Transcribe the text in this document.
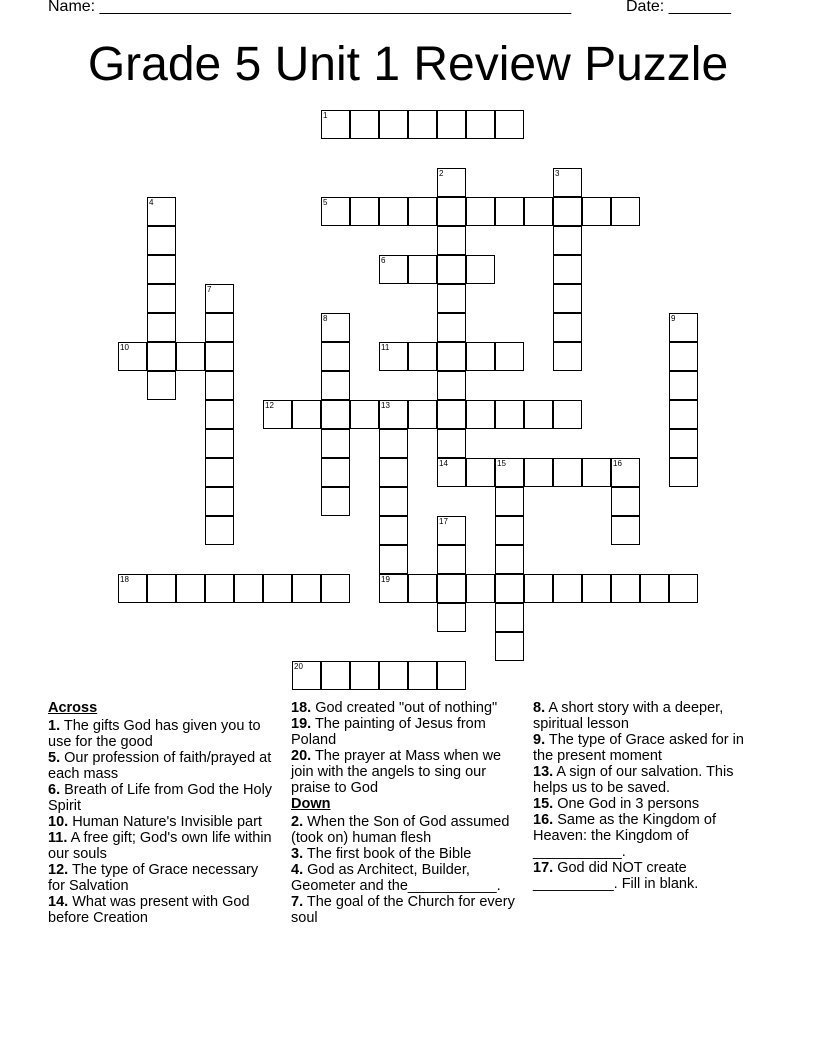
Name: _____________________________________________________	Date: _______
Grade 5 Unit 1 Review Puzzle
1
2
14
3
4	5
6
7
8	9
10	11
12	13
15	16
17
18	19
20
Across
1. The gifts God has given you to use for the good
5. Our profession of faith/prayed at each mass
6. Breath of Life from God the Holy Spirit
10. Human Nature's Invisible part
11. A free gift; God's own life within our souls
12. The type of Grace necessary for Salvation
14. What was present with God before Creation
18. God created "out of nothing"
19. The painting of Jesus from Poland
20. The prayer at Mass when we join with the angels to sing our praise to God
Down
2. When the Son of God assumed (took on) human flesh
3. The first book of the Bible
4. God as Architect, Builder, Geometer and the___________.
7. The goal of the Church for every soul
8. A short story with a deeper, spiritual lesson
9. The type of Grace asked for in the present moment
13. A sign of our salvation. This helps us to be saved.
15. One God in 3 persons
16. Same as the Kingdom of Heaven: the Kingdom of ___________.
17. God did NOT create __________. Fill in blank.
